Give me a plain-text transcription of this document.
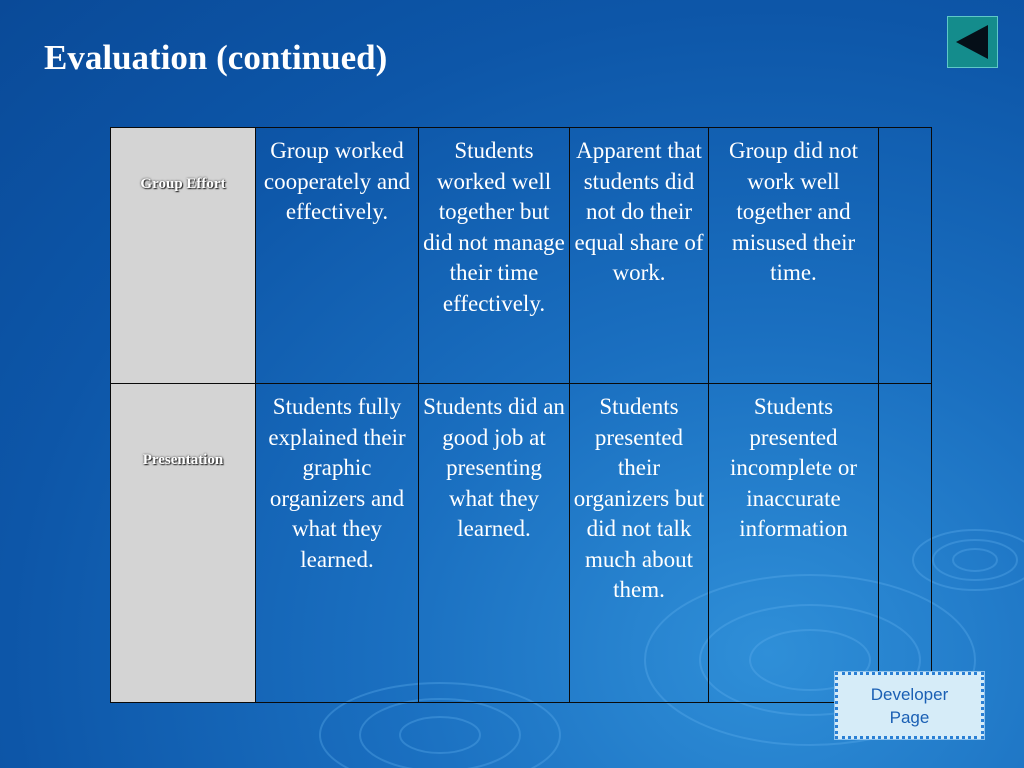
Evaluation (continued)
Group Effort	Group worked cooperately and effectively.	Students worked well together but did not manage their time effectively.	Apparent that students did not do their equal share of work.	Group did not work well together and misused their time.	
Presentation	Students fully explained their graphic organizers and what they learned.	Students did an good job at presenting what they learned.	Students presented their organizers but did not talk much about them.	Students presented incomplete or inaccurate information	
Developer
Page
